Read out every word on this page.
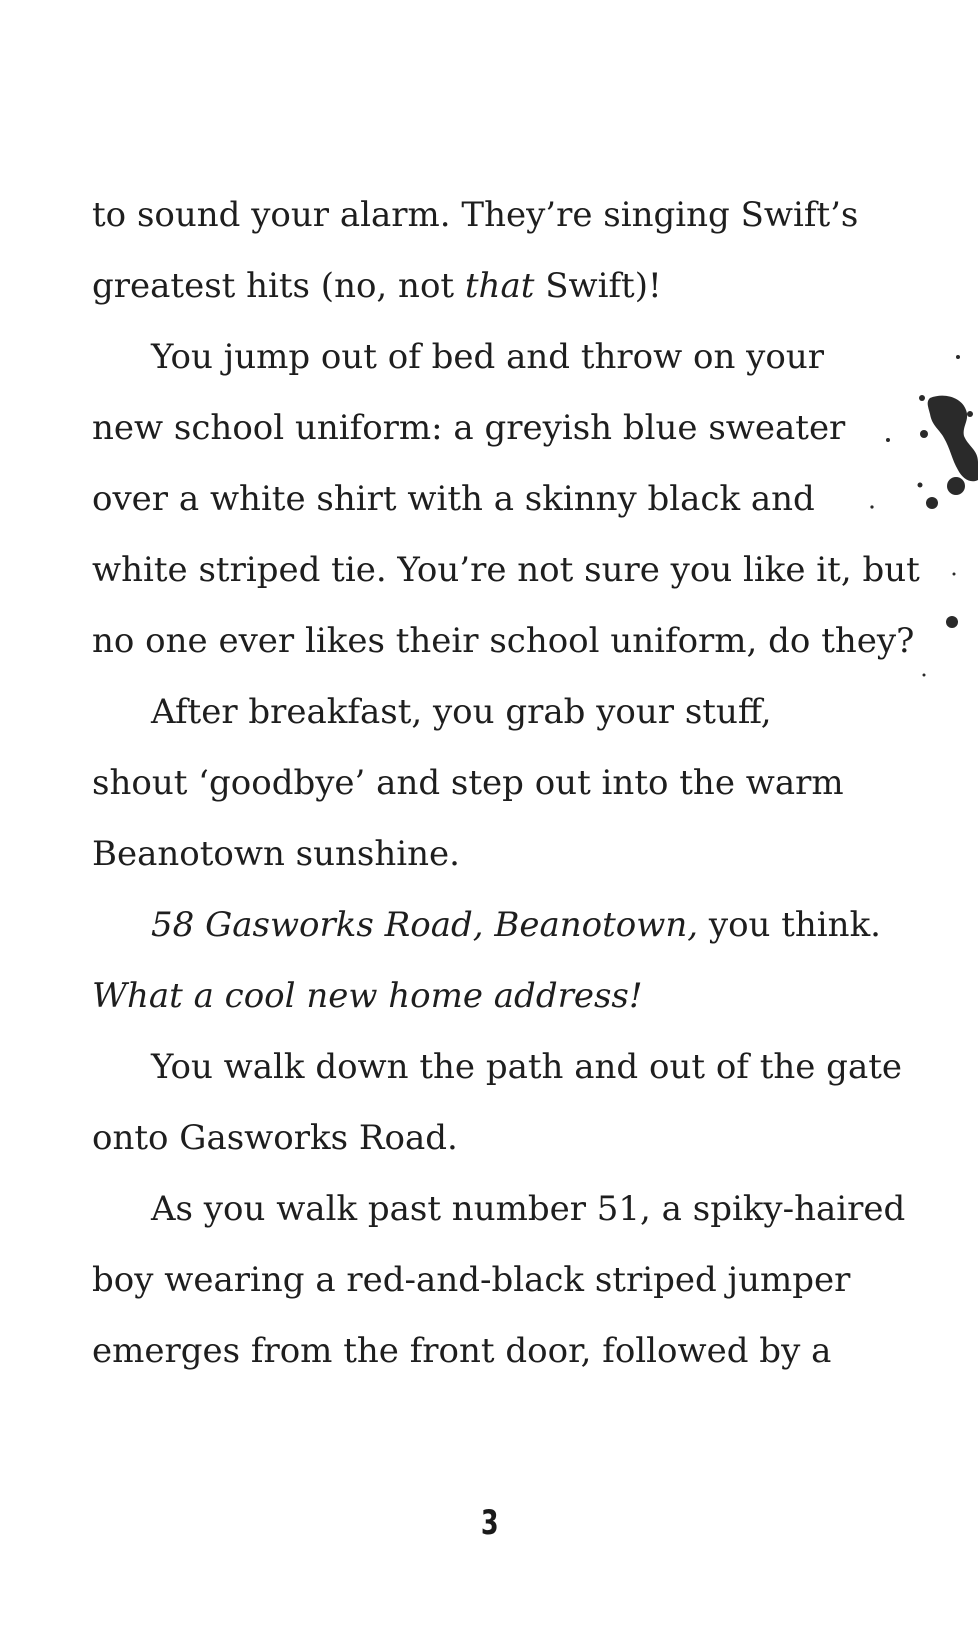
to sound your alarm. They’re singing Swift’s
greatest hits (no, not that Swift)!
You jump out of bed and throw on your
new school uniform: a greyish blue sweater
over a white shirt with a skinny black and
white striped tie. You’re not sure you like it, but
no one ever likes their school uniform, do they?
After breakfast, you grab your stuff,
shout ‘goodbye’ and step out into the warm
Beanotown sunshine.
58 Gasworks Road, Beanotown, you think.
What a cool new home address!
You walk down the path and out of the gate
onto Gasworks Road.
As you walk past number 51, a spiky-haired
boy wearing a red-and-black striped jumper
emerges from the front door, followed by a
3
